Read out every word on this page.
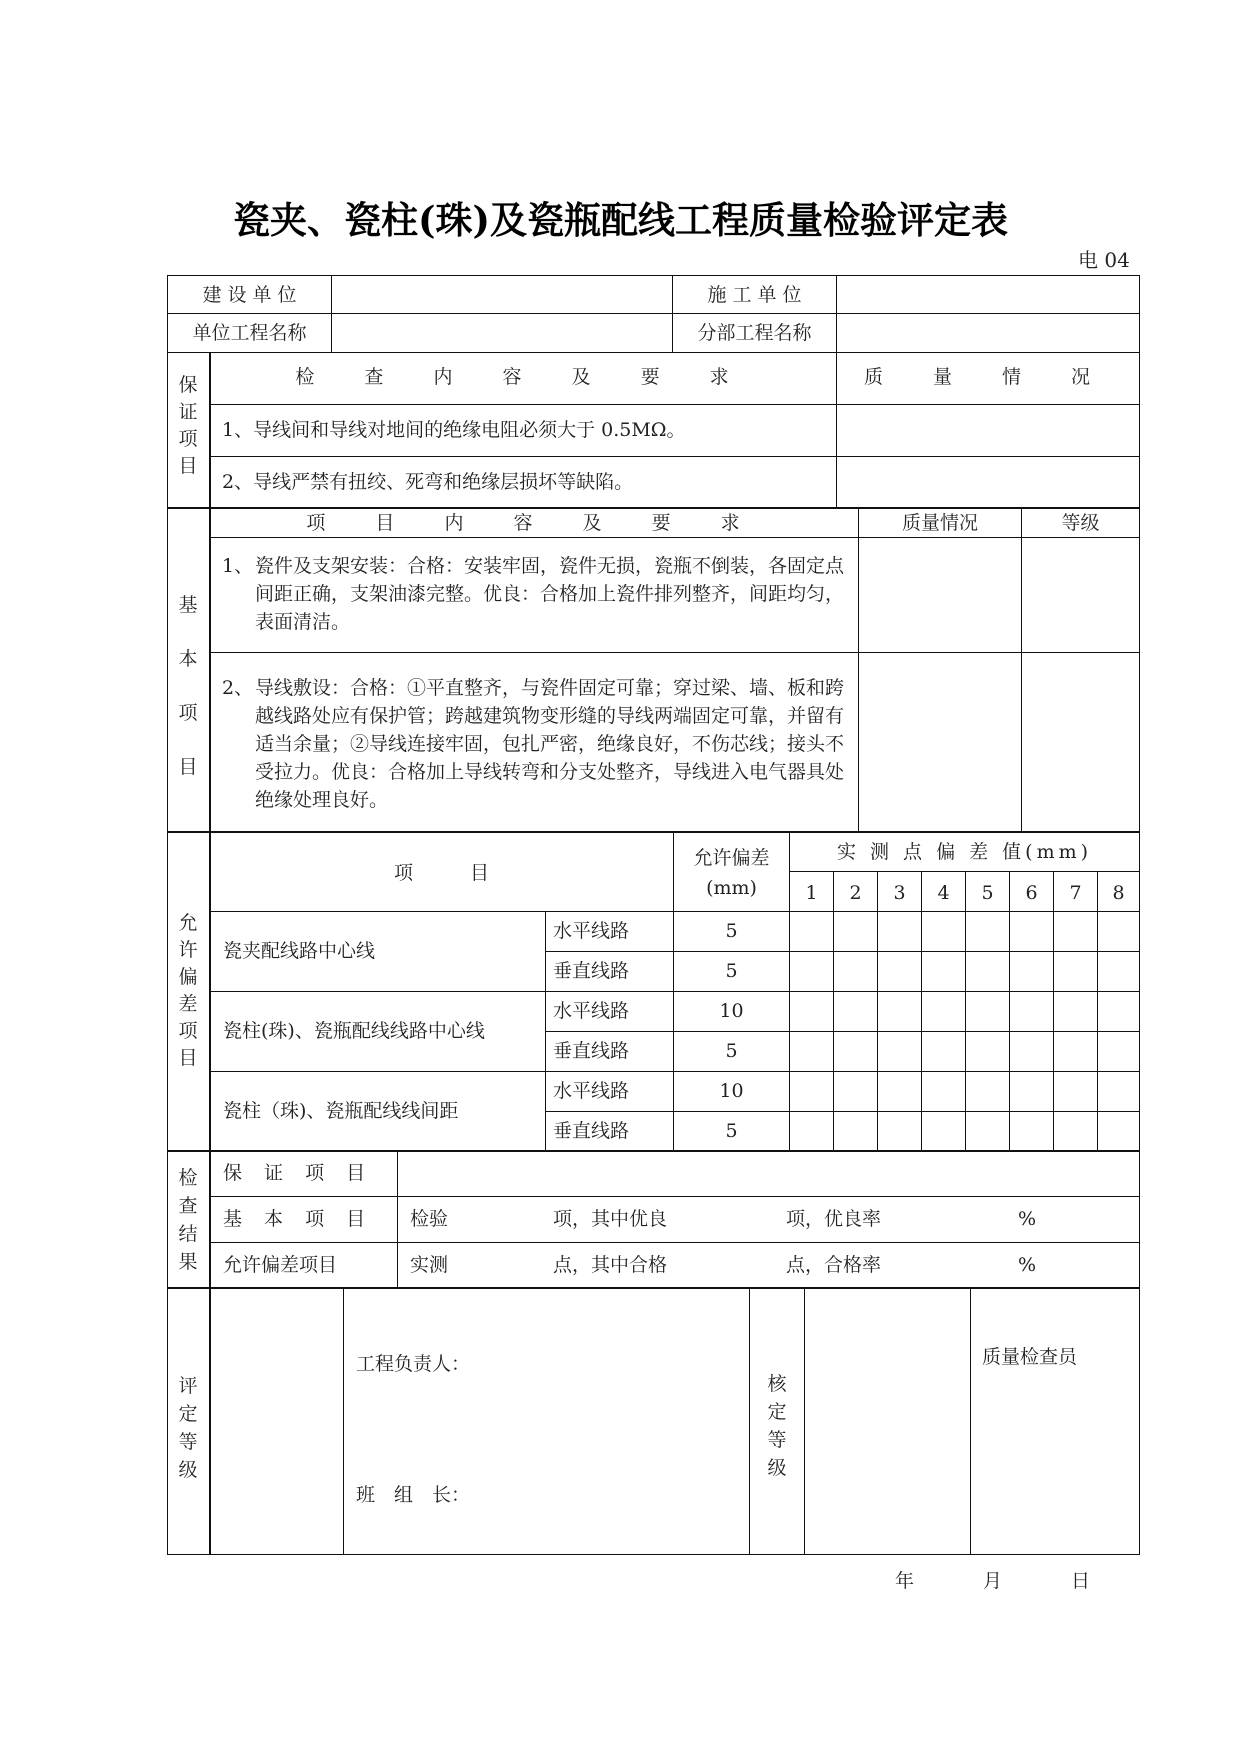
瓷夹、瓷柱(珠)及瓷瓶配线工程质量检验评定表
电 04
建 设 单 位	施 工 单 位
单位工程名称	分部工程名称
保证项目
检 查 内 容 及 要 求	质 量 情 况
1、导线间和导线对地间的绝缘电阻必须大于 0.5MΩ。
2、导线严禁有扭绞、死弯和绝缘层损坏等缺陷。
基本项目
项 目 内 容 及 要 求	质量情况	等级
1、 瓷件及支架安装：合格：安装牢固，瓷件无损，瓷瓶不倒装，各固定点间距正确，支架油漆完整。优良：合格加上瓷件排列整齐，间距均匀，表面清洁。
2、 导线敷设：合格：①平直整齐，与瓷件固定可靠；穿过梁、墙、板和跨越线路处应有保护管；跨越建筑物变形缝的导线两端固定可靠，并留有适当余量；②导线连接牢固，包扎严密，绝缘良好，不伤芯线；接头不受拉力。优良：合格加上导线转弯和分支处整齐，导线进入电气器具处绝缘处理良好。
允许偏差项目
项　　　目
允许偏差
(mm)
实 测 点 偏 差 值(mm)
1	2	3	4	5	6	7	8
瓷夹配线路中心线
水平线路	5
垂直线路	5
瓷柱(珠)、瓷瓶配线线路中心线
水平线路	10
垂直线路	5
瓷柱（珠)、瓷瓶配线线间距
水平线路	10
垂直线路	5
检查结果
保 证 项 目
基 本 项 目 检验	项，其中优良	项，优良率	%
允许偏差项目	实测	点，其中合格	点，合格率	%
评定等级
工程负责人：
班　组　长：
核定等级
质量检查员
年	月	日
